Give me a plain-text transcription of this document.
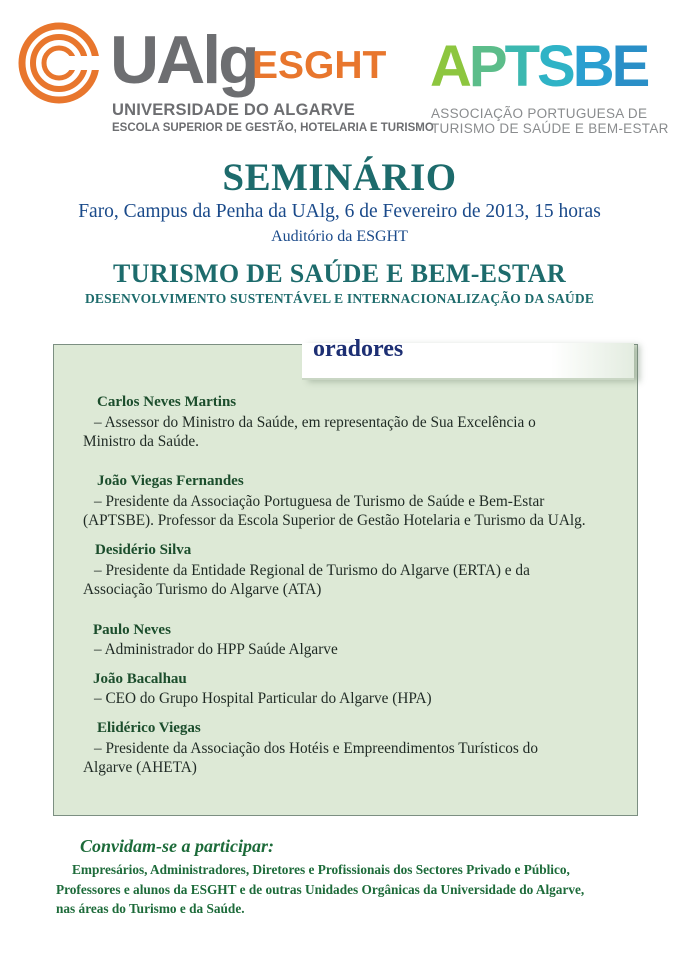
UAlg
ESGHT
UNIVERSIDADE DO ALGARVE
ESCOLA SUPERIOR DE GESTÃO, HOTELARIA E TURISMO
APTSBE
ASSOCIAÇÃO PORTUGUESA DE
TURISMO DE SAÚDE E BEM-ESTAR
SEMINÁRIO
Faro, Campus da Penha da UAlg, 6 de Fevereiro de 2013, 15 horas
Auditório da ESGHT
TURISMO DE SAÚDE E BEM-ESTAR
DESENVOLVIMENTO SUSTENTÁVEL E INTERNACIONALIZAÇÃO DA SAÚDE
oradores
Carlos Neves Martins
– Assessor do Ministro da Saúde, em representação de Sua Excelência o
Ministro da Saúde.
João Viegas Fernandes
– Presidente da Associação Portuguesa de Turismo de Saúde e Bem-Estar
(APTSBE). Professor da Escola Superior de Gestão Hotelaria e Turismo da UAlg.
Desidério Silva
– Presidente da Entidade Regional de Turismo do Algarve (ERTA) e da
Associação Turismo do Algarve (ATA)
Paulo Neves
– Administrador do HPP Saúde Algarve
João Bacalhau
– CEO do Grupo Hospital Particular do Algarve (HPA)
Elidérico Viegas
– Presidente da Associação dos Hotéis e Empreendimentos Turísticos do
Algarve (AHETA)
Convidam-se a participar:
Empresários, Administradores, Diretores e Profissionais dos Sectores Privado e Público,
Professores e alunos da ESGHT e de outras Unidades Orgânicas da Universidade do Algarve,
nas áreas do Turismo e da Saúde.
